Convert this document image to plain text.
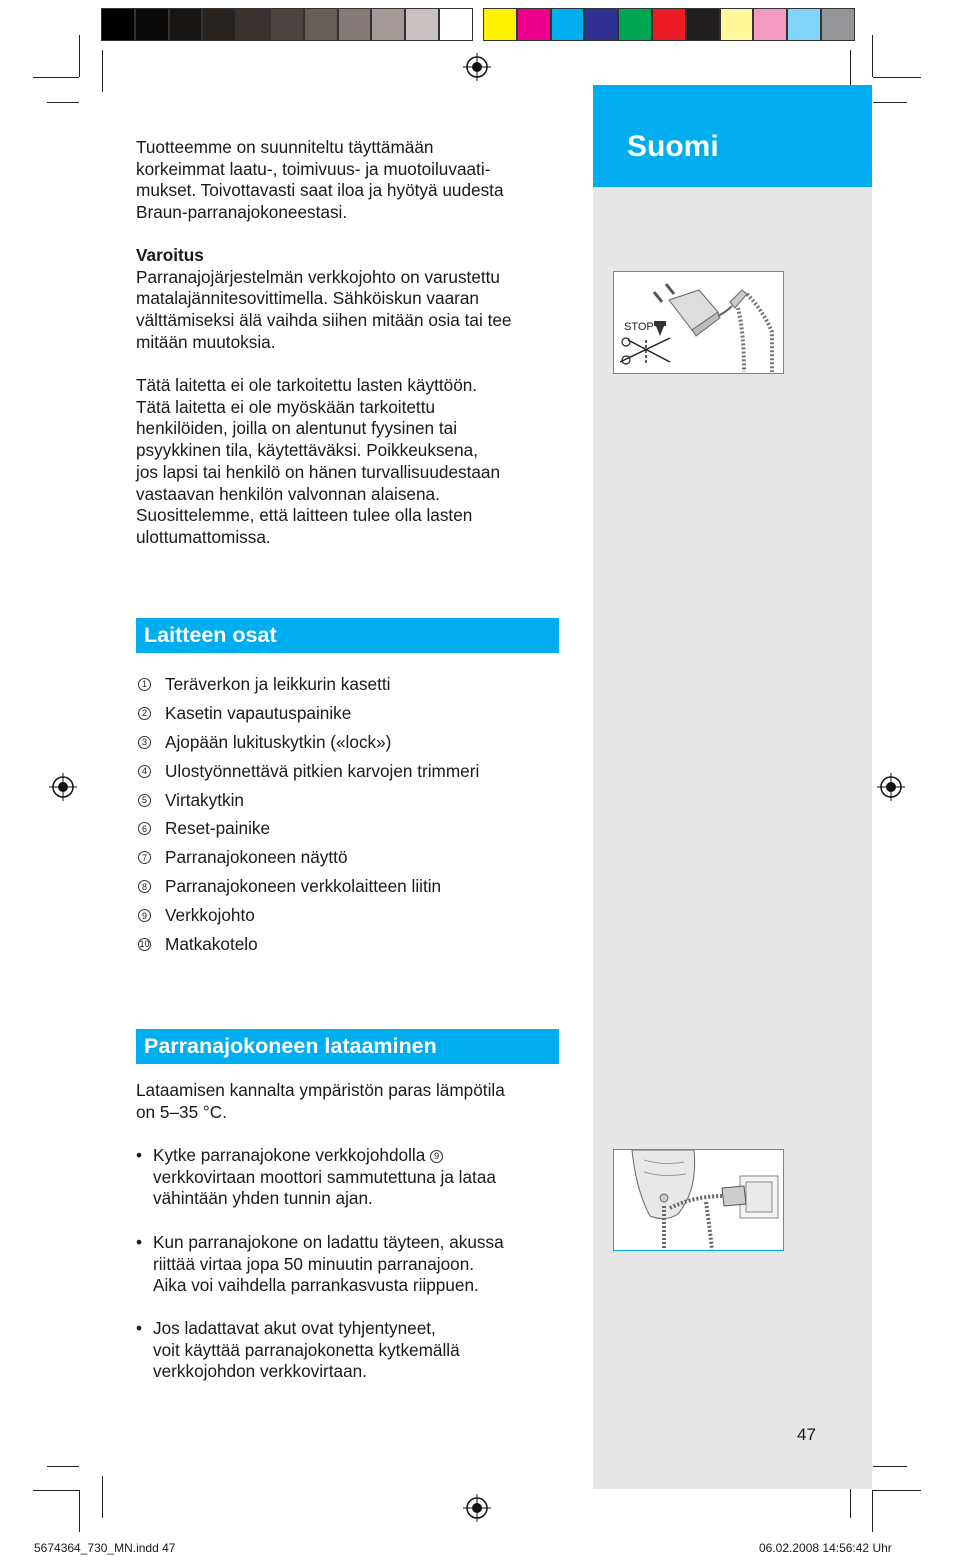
Suomi
STOP

Tuotteemme on suunniteltu täyttämään

korkeimmat laatu-, toimivuus- ja muotoiluvaati-

mukset. Toivottavasti saat iloa ja hyötyä uudesta

Braun-parranajokoneestasi.

Varoitus

Parranajojärjestelmän verkkojohto on varustettu

matalajännitesovittimella. Sähköiskun vaaran

välttämiseksi älä vaihda siihen mitään osia tai tee

mitään muutoksia.

Tätä laitetta ei ole tarkoitettu lasten käyttöön.

Tätä laitetta ei ole myöskään tarkoitettu

henkilöiden, joilla on alentunut fyysinen tai

psyykkinen tila, käytettäväksi. Poikkeuksena,

jos lapsi tai henkilö on hänen turvallisuudestaan

vastaavan henkilön valvonnan alaisena.

Suosittelemme, että laitteen tulee olla lasten

ulottumattomissa.

Laitteen osat
1 Teräverkon ja leikkurin kasetti
2 Kasetin vapautuspainike
3 Ajopään lukituskytkin («lock»)
4 Ulostyönnettävä pitkien karvojen trimmeri
5 Virtakytkin
6 Reset-painike
7 Parranajokoneen näyttö
8 Parranajokoneen verkkolaitteen liitin
9 Verkkojohto
10 Matkakotelo
Parranajokoneen lataaminen

Lataamisen kannalta ympäristön paras lämpötila

on 5–35 °C.

• Kytke parranajokone verkkojohdolla 9
verkkovirtaan moottori sammutettuna ja lataa
vähintään yhden tunnin ajan.
• Kun parranajokone on ladattu täyteen, akussa
riittää virtaa jopa 50 minuutin parranajoon.
Aika voi vaihdella parrankasvusta riippuen.
• Jos ladattavat akut ovat tyhjentyneet,
voit käyttää parranajokonetta kytkemällä
verkkojohdon verkkovirtaan.
47
5674364_730_MN.indd 47	06.02.2008 14:56:42 Uhr
